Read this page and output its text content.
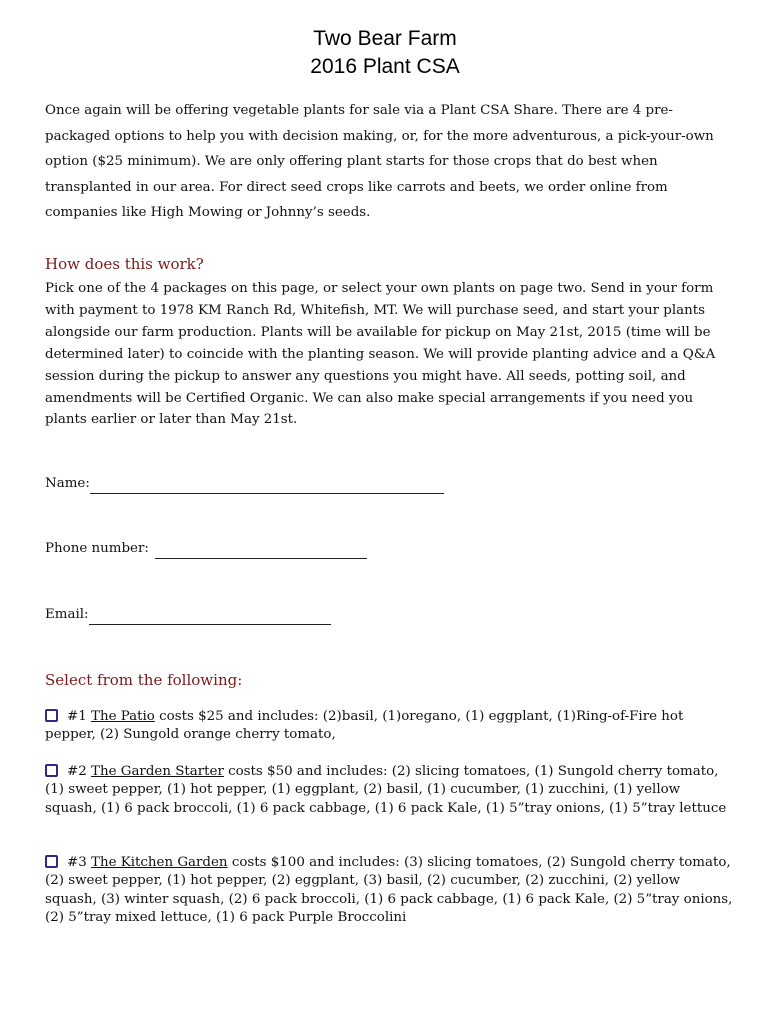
Two Bear Farm
2016 Plant CSA

Once again will be offering vegetable plants for sale via a Plant CSA Share. There are 4 pre-packaged options to help you with decision making, or, for the more adventurous, a pick-your-own option ($25 minimum). We are only offering plant starts for those crops that do best when transplanted in our area. For direct seed crops like carrots and beets, we order online from companies like High Mowing or Johnny’s seeds.

How does this work?

Pick one of the 4 packages on this page, or select your own plants on page two. Send in your form with payment to 1978 KM Ranch Rd, Whitefish, MT. We will purchase seed, and start your plants alongside our farm production. Plants will be available for pickup on May 21st, 2015 (time will be determined later) to coincide with the planting season. We will provide planting advice and a Q&A session during the pickup to answer any questions you might have. All seeds, potting soil, and amendments will be Certified Organic. We can also make special arrangements if you need you plants earlier or later than May 21st.

Name:
Phone number:
Email:
Select from the following:

#1 The Patio costs $25 and includes: (2)basil, (1)oregano, (1) eggplant, (1)Ring-of-Fire hot pepper, (2) Sungold orange cherry tomato,

#2 The Garden Starter costs $50 and includes: (2) slicing tomatoes, (1) Sungold cherry tomato, (1) sweet pepper, (1) hot pepper, (1) eggplant, (2) basil, (1) cucumber, (1) zucchini, (1) yellow squash, (1) 6 pack broccoli, (1) 6 pack cabbage, (1) 6 pack Kale, (1) 5”tray onions, (1) 5”tray lettuce

#3 The Kitchen Garden costs $100 and includes: (3) slicing tomatoes, (2) Sungold cherry tomato, (2) sweet pepper, (1) hot pepper, (2) eggplant, (3) basil, (2) cucumber, (2) zucchini, (2) yellow squash, (3) winter squash, (2) 6 pack broccoli, (1) 6 pack cabbage, (1) 6 pack Kale, (2) 5”tray onions, (2) 5”tray mixed lettuce, (1) 6 pack Purple Broccolini
